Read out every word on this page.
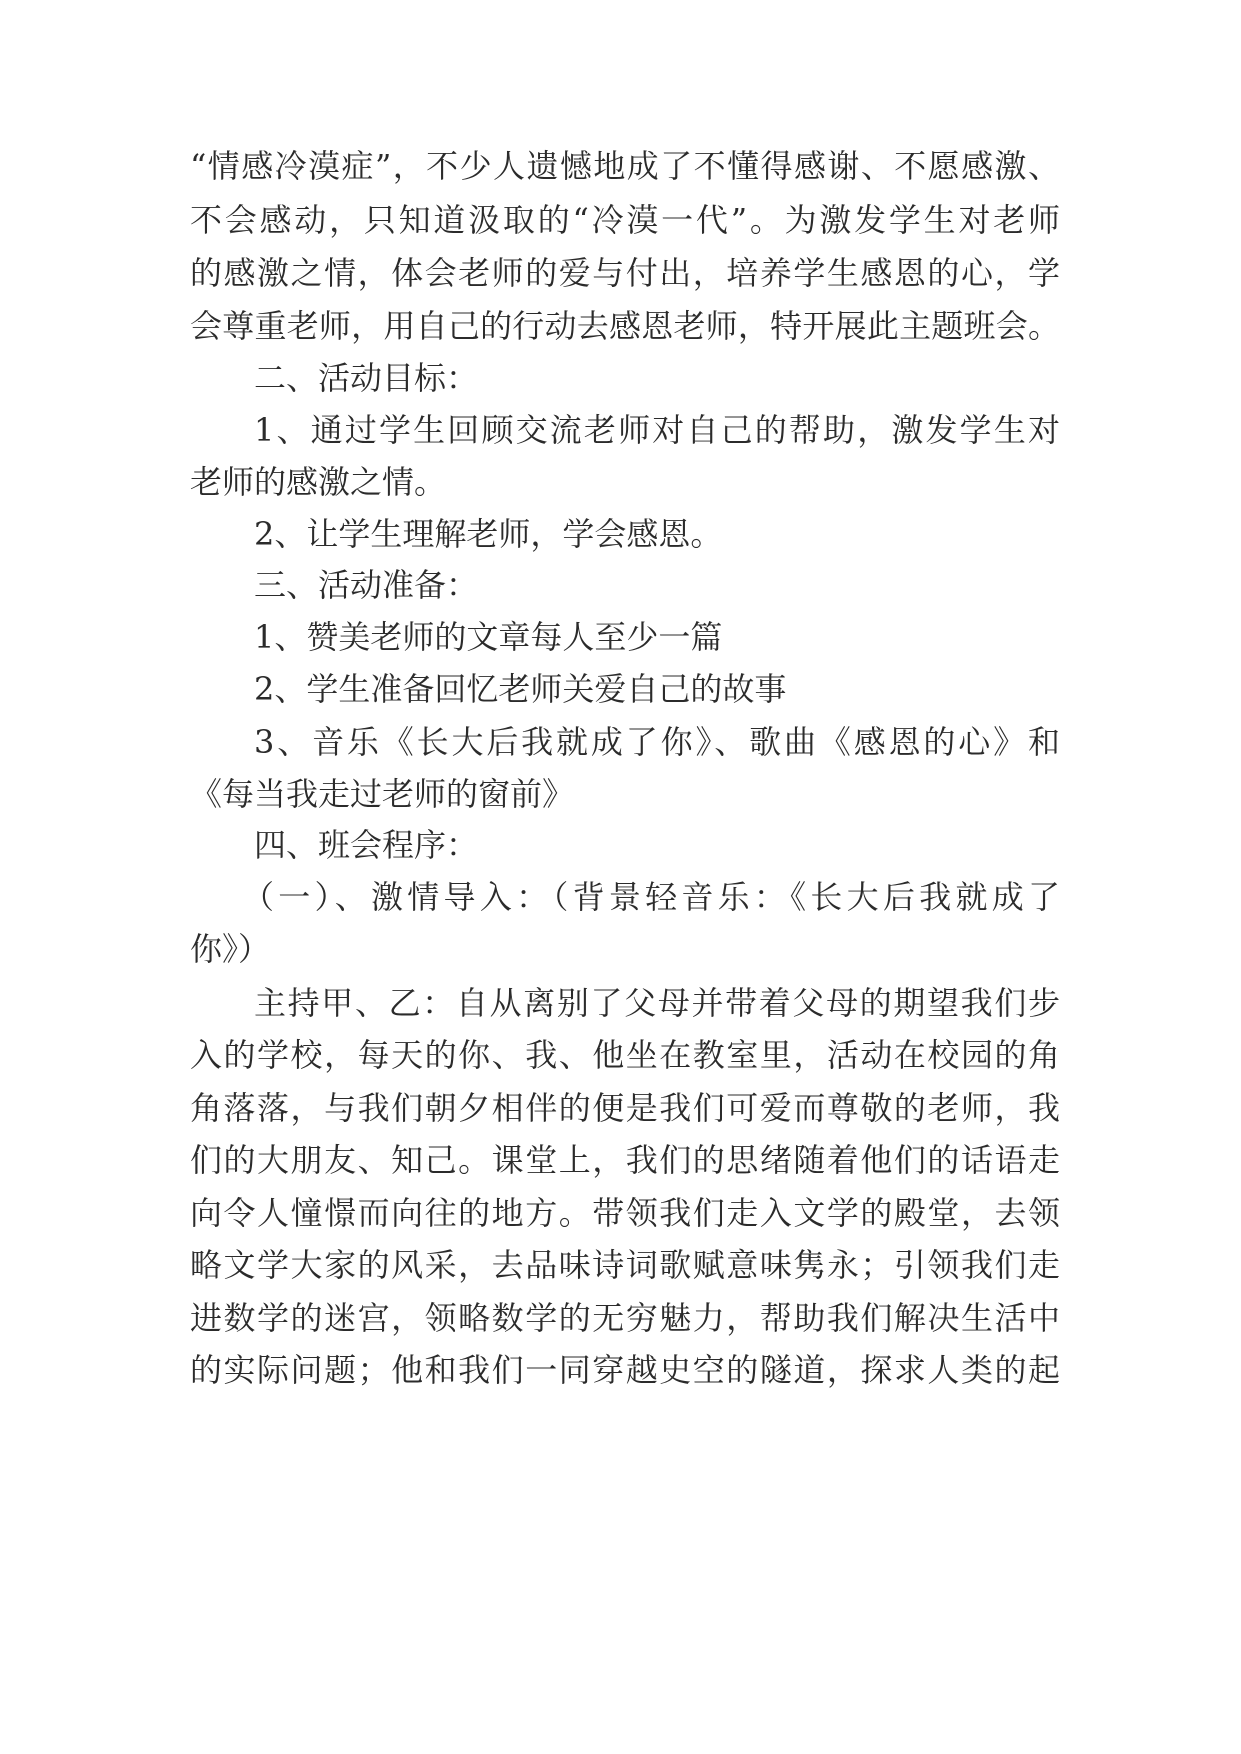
“情感冷漠症”，不少人遗憾地成了不懂得感谢、不愿感激、
不会感动，只知道汲取的“冷漠一代”。为激发学生对老师
的感激之情，体会老师的爱与付出，培养学生感恩的心，学
会尊重老师，用自己的行动去感恩老师，特开展此主题班会。
二、活动目标：
1、通过学生回顾交流老师对自己的帮助，激发学生对
老师的感激之情。
2、让学生理解老师，学会感恩。
三、活动准备：
1、赞美老师的文章每人至少一篇
2、学生准备回忆老师关爱自己的故事
3、音乐《长大后我就成了你》、歌曲《感恩的心》和
《每当我走过老师的窗前》
四、班会程序：
（一）、激情导入：（背景轻音乐：《长大后我就成了
你》）
主持甲、乙：自从离别了父母并带着父母的期望我们步
入的学校，每天的你、我、他坐在教室里，活动在校园的角
角落落，与我们朝夕相伴的便是我们可爱而尊敬的老师，我
们的大朋友、知己。课堂上，我们的思绪随着他们的话语走
向令人憧憬而向往的地方。带领我们走入文学的殿堂，去领
略文学大家的风采，去品味诗词歌赋意味隽永；引领我们走
进数学的迷宫，领略数学的无穷魅力，帮助我们解决生活中
的实际问题；他和我们一同穿越史空的隧道，探求人类的起
